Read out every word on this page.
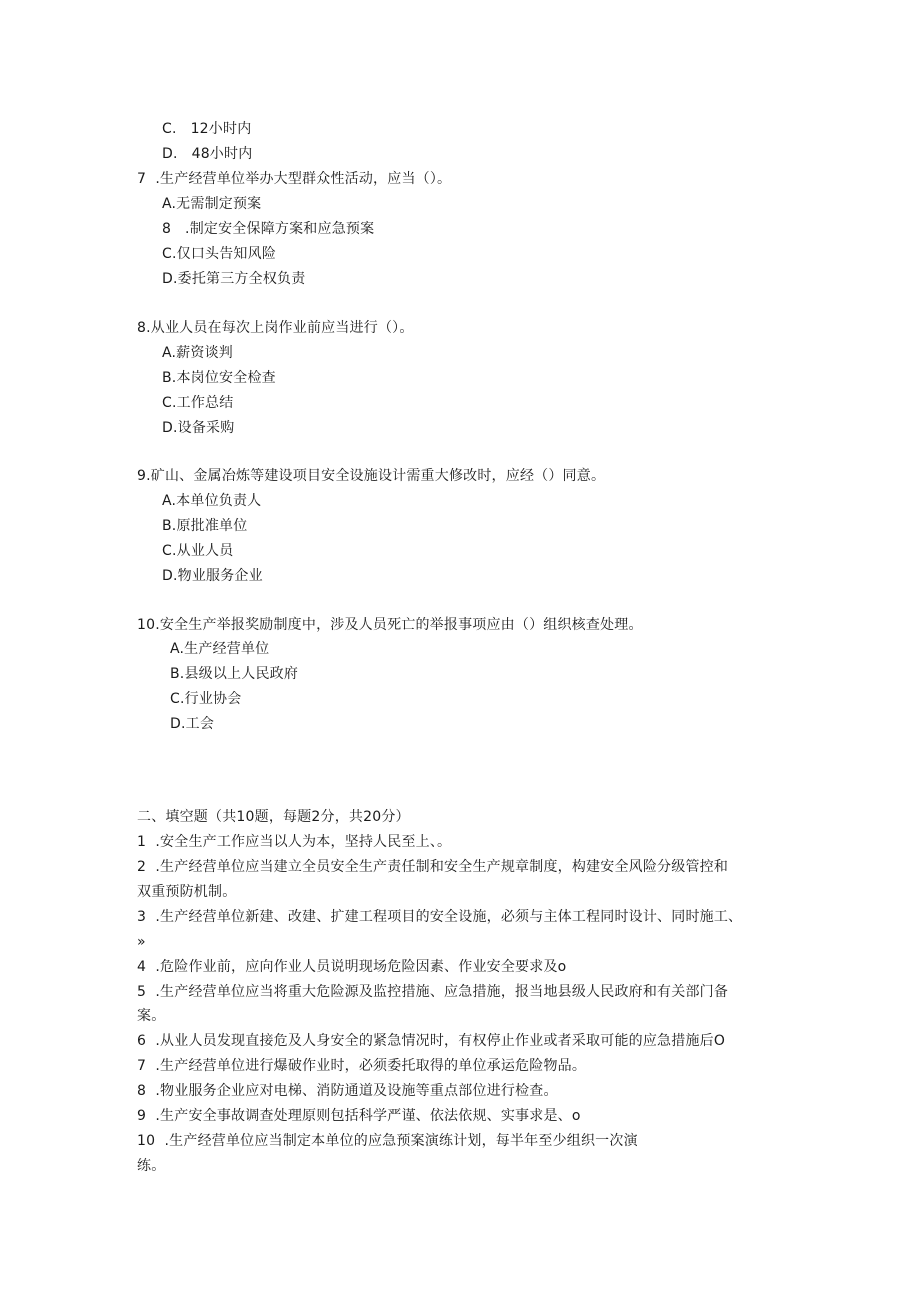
C.   12小时内
D.   48小时内
7  .生产经营单位举办大型群众性活动，应当（）。
A.无需制定预案
8   .制定安全保障方案和应急预案
C.仅口头告知风险
D.委托第三方全权负责
8.从业人员在每次上岗作业前应当进行（）。
A.薪资谈判
B.本岗位安全检查
C.工作总结
D.设备采购
9.矿山、金属冶炼等建设项目安全设施设计需重大修改时，应经（）同意。
A.本单位负责人
B.原批准单位
C.从业人员
D.物业服务企业
10.安全生产举报奖励制度中，涉及人员死亡的举报事项应由（）组织核查处理。
A.生产经营单位
B.县级以上人民政府
C.行业协会
D.工会
二、填空题（共10题，每题2分，共20分）
1  .安全生产工作应当以人为本，坚持人民至上、。
2  .生产经营单位应当建立全员安全生产责任制和安全生产规章制度，构建安全风险分级管控和
双重预防机制。
3  .生产经营单位新建、改建、扩建工程项目的安全设施，必须与主体工程同时设计、同时施工、
»
4  .危险作业前，应向作业人员说明现场危险因素、作业安全要求及o
5  .生产经营单位应当将重大危险源及监控措施、应急措施，报当地县级人民政府和有关部门备
案。
6  .从业人员发现直接危及人身安全的紧急情况时，有权停止作业或者采取可能的应急措施后O
7  .生产经营单位进行爆破作业时，必须委托取得的单位承运危险物品。
8  .物业服务企业应对电梯、消防通道及设施等重点部位进行检查。
9  .生产安全事故调查处理原则包括科学严谨、依法依规、实事求是、o
10  .生产经营单位应当制定本单位的应急预案演练计划，每半年至少组织一次演
练。
